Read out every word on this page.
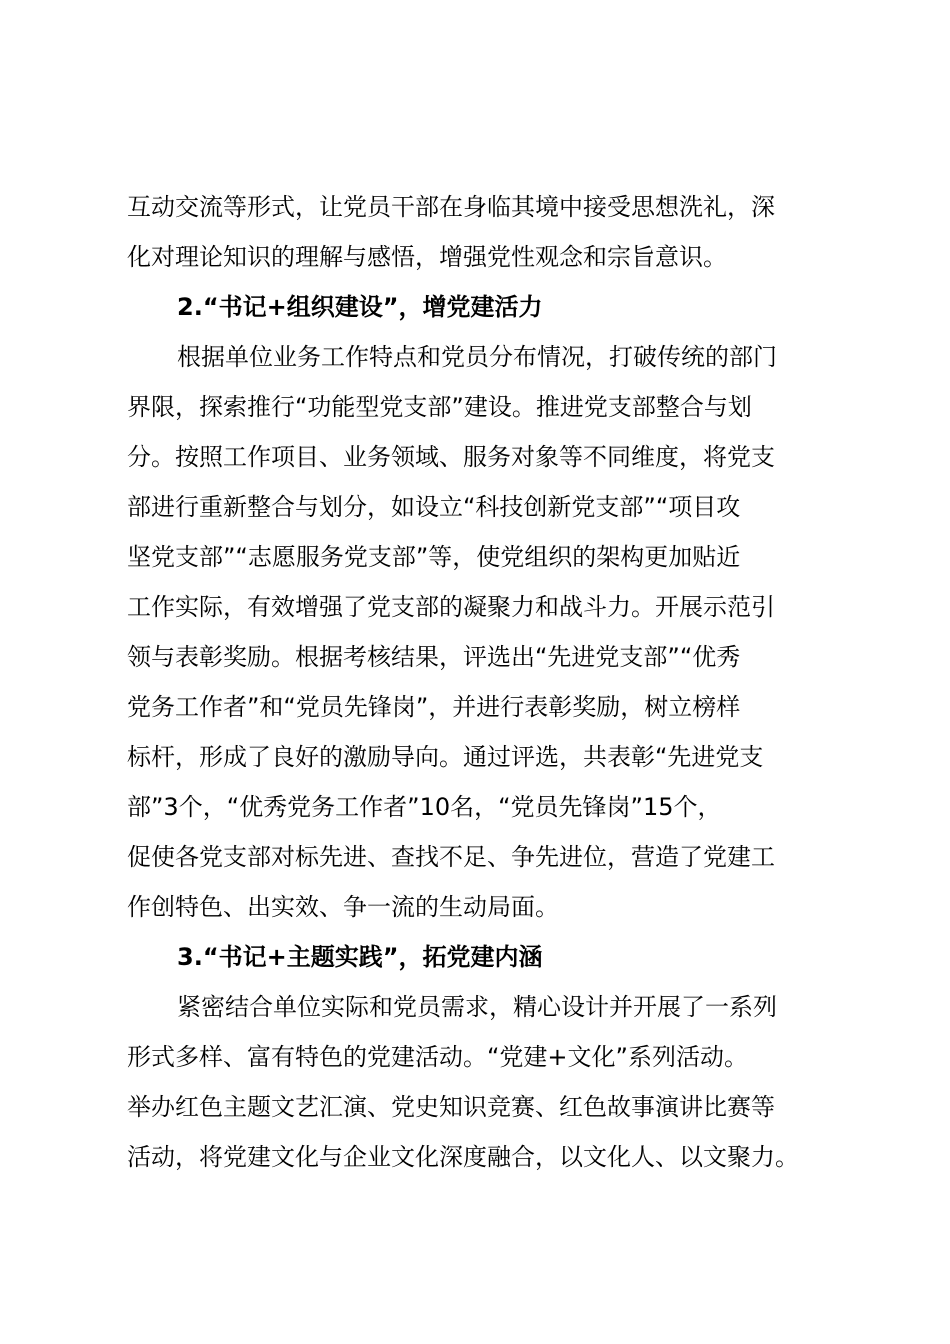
互动交流等形式，让党员干部在身临其境中接受思想洗礼，深
化对理论知识的理解与感悟，增强党性观念和宗旨意识。
2.“书记+组织建设”，增党建活力
根据单位业务工作特点和党员分布情况，打破传统的部门
界限，探索推行“功能型党支部”建设。推进党支部整合与划
分。按照工作项目、业务领域、服务对象等不同维度，将党支
部进行重新整合与划分，如设立“科技创新党支部”“项目攻
坚党支部”“志愿服务党支部”等，使党组织的架构更加贴近
工作实际，有效增强了党支部的凝聚力和战斗力。开展示范引
领与表彰奖励。根据考核结果，评选出“先进党支部”“优秀
党务工作者”和“党员先锋岗”，并进行表彰奖励，树立榜样
标杆，形成了良好的激励导向。通过评选，共表彰“先进党支
部”3个，“优秀党务工作者”10名，“党员先锋岗”15个，
促使各党支部对标先进、查找不足、争先进位，营造了党建工
作创特色、出实效、争一流的生动局面。
3.“书记+主题实践”，拓党建内涵
紧密结合单位实际和党员需求，精心设计并开展了一系列
形式多样、富有特色的党建活动。“党建+文化”系列活动。
举办红色主题文艺汇演、党史知识竞赛、红色故事演讲比赛等
活动，将党建文化与企业文化深度融合，以文化人、以文聚力。
